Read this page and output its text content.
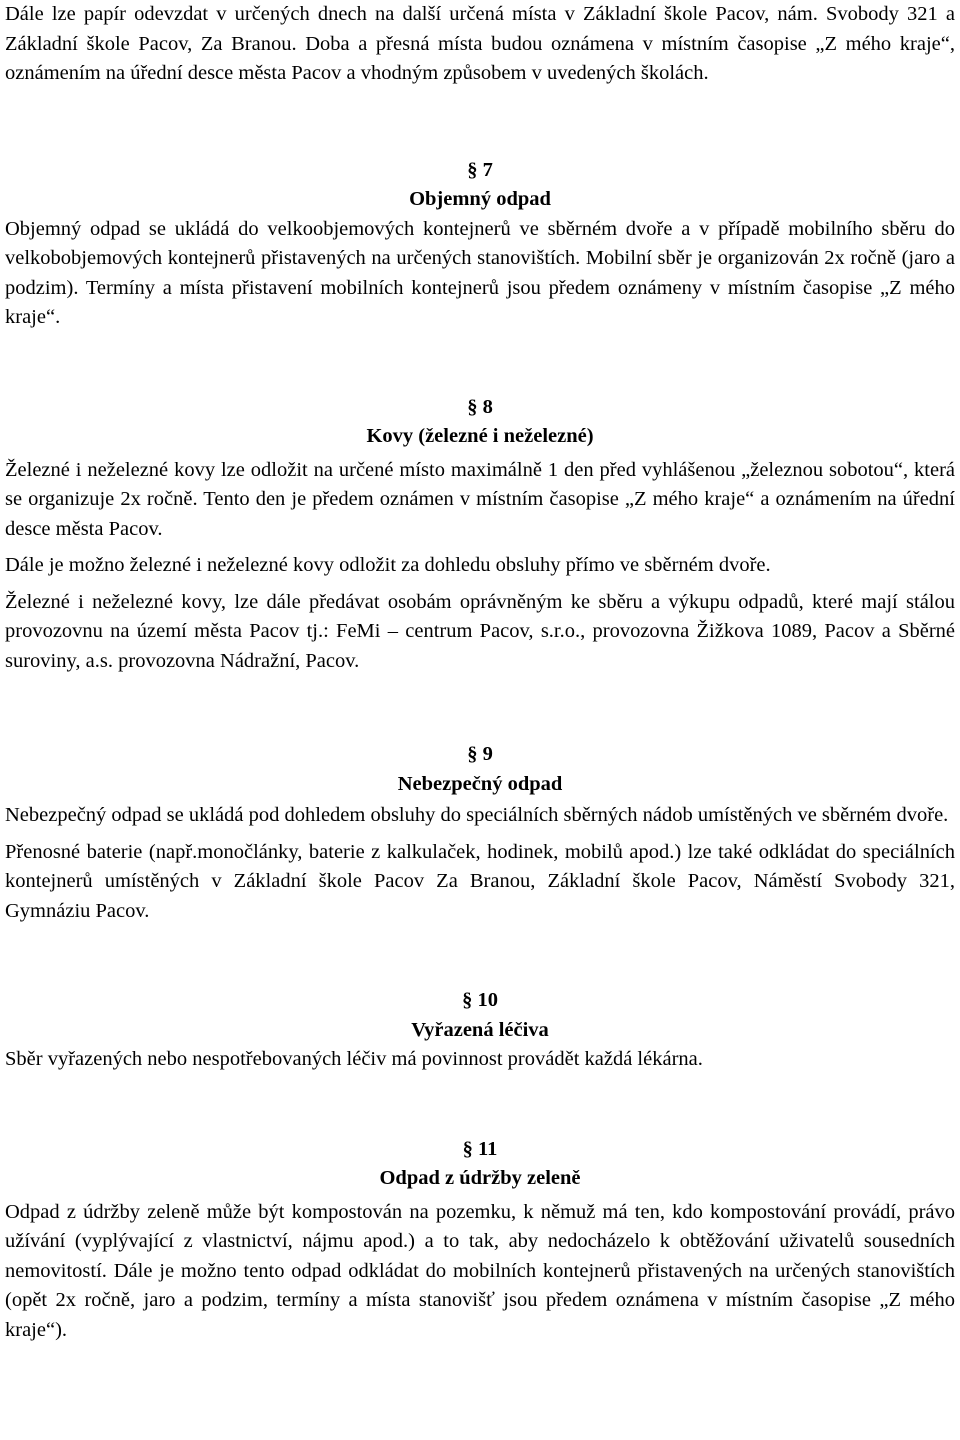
Dále lze papír odevzdat v určených dnech na další určená místa v Základní škole Pacov, nám. Svobody 321 a Základní škole Pacov, Za Branou. Doba a přesná místa budou oznámena v místním časopise „Z mého kraje“, oznámením na úřední desce města Pacov a vhodným způsobem v uvedených školách.

§ 7
Objemný odpad

Objemný odpad se ukládá do velkoobjemových kontejnerů ve sběrném dvoře a v případě mobilního sběru do velkobobjemových kontejnerů přistavených na určených stanovištích. Mobilní sběr je organizován 2x ročně (jaro a podzim). Termíny a místa přistavení mobilních kontejnerů jsou předem oznámeny v místním časopise „Z mého kraje“.

§ 8
Kovy (železné i neželezné)

Železné i neželezné kovy lze odložit na určené místo maximálně 1 den před vyhlášenou „železnou sobotou“, která se organizuje 2x ročně. Tento den je předem oznámen v místním časopise „Z mého kraje“ a oznámením na úřední desce města Pacov.

Dále je možno železné i neželezné kovy odložit za dohledu obsluhy přímo ve sběrném dvoře.

Železné i neželezné kovy, lze dále předávat osobám oprávněným ke sběru a výkupu odpadů, které mají stálou provozovnu na území města Pacov tj.: FeMi – centrum Pacov, s.r.o., provozovna Žižkova 1089, Pacov a Sběrné suroviny, a.s. provozovna Nádražní, Pacov.

§ 9
Nebezpečný odpad

Nebezpečný odpad se ukládá pod dohledem obsluhy do speciálních sběrných nádob umístěných ve sběrném dvoře.

Přenosné baterie (např.monočlánky, baterie z kalkulaček, hodinek, mobilů apod.) lze také odkládat do speciálních kontejnerů umístěných v Základní škole Pacov Za Branou, Základní škole Pacov, Náměstí Svobody 321, Gymnáziu Pacov.

§ 10
Vyřazená léčiva

Sběr vyřazených nebo nespotřebovaných léčiv má povinnost provádět každá lékárna.

§ 11
Odpad z údržby zeleně

Odpad z údržby zeleně může být kompostován na pozemku, k němuž má ten, kdo kompostování provádí, právo užívání (vyplývající z vlastnictví, nájmu apod.) a to tak, aby nedocházelo k obtěžování uživatelů sousedních nemovitostí. Dále je možno tento odpad odkládat do mobilních kontejnerů přistavených na určených stanovištích (opět 2x ročně, jaro a podzim, termíny a místa stanovišť jsou předem oznámena v místním časopise „Z mého kraje“).
